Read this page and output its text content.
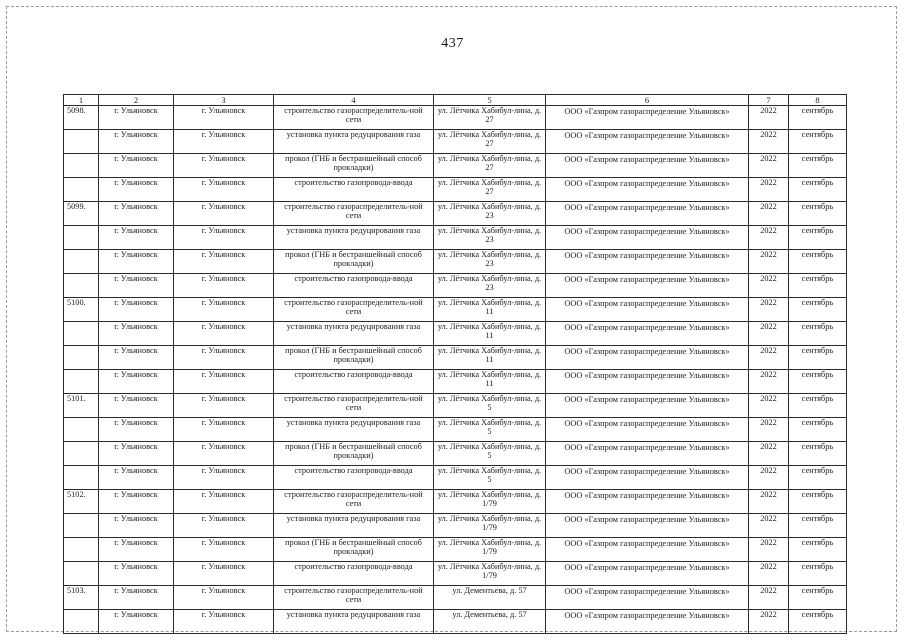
437
1	2	3	4	5	6	7	8
5098.	г. Ульяновск	г. Ульяновск	строительство газораспределитель-ной сети	ул. Лётчика Хабибул-лина, д. 27	ООО «Газпром газораспределение Ульяновск»	2022	сентябрь
	г. Ульяновск	г. Ульяновск	установка пункта редуцирования газа	ул. Лётчика Хабибул-лина, д. 27	ООО «Газпром газораспределение Ульяновск»	2022	сентябрь
	г. Ульяновск	г. Ульяновск	прокол (ГНБ и бестраншейный способ прокладки)	ул. Лётчика Хабибул-лина, д. 27	ООО «Газпром газораспределение Ульяновск»	2022	сентябрь
	г. Ульяновск	г. Ульяновск	строительство газопровода-ввода	ул. Лётчика Хабибул-лина, д. 27	ООО «Газпром газораспределение Ульяновск»	2022	сентябрь
5099.	г. Ульяновск	г. Ульяновск	строительство газораспределитель-ной сети	ул. Лётчика Хабибул-лина, д. 23	ООО «Газпром газораспределение Ульяновск»	2022	сентябрь
	г. Ульяновск	г. Ульяновск	установка пункта редуцирования газа	ул. Лётчика Хабибул-лина, д. 23	ООО «Газпром газораспределение Ульяновск»	2022	сентябрь
	г. Ульяновск	г. Ульяновск	прокол (ГНБ и бестраншейный способ прокладки)	ул. Лётчика Хабибул-лина, д. 23	ООО «Газпром газораспределение Ульяновск»	2022	сентябрь
	г. Ульяновск	г. Ульяновск	строительство газопровода-ввода	ул. Лётчика Хабибул-лина, д. 23	ООО «Газпром газораспределение Ульяновск»	2022	сентябрь
5100.	г. Ульяновск	г. Ульяновск	строительство газораспределитель-ной сети	ул. Лётчика Хабибул-лина, д. 11	ООО «Газпром газораспределение Ульяновск»	2022	сентябрь
	г. Ульяновск	г. Ульяновск	установка пункта редуцирования газа	ул. Лётчика Хабибул-лина, д. 11	ООО «Газпром газораспределение Ульяновск»	2022	сентябрь
	г. Ульяновск	г. Ульяновск	прокол (ГНБ и бестраншейный способ прокладки)	ул. Лётчика Хабибул-лина, д. 11	ООО «Газпром газораспределение Ульяновск»	2022	сентябрь
	г. Ульяновск	г. Ульяновск	строительство газопровода-ввода	ул. Лётчика Хабибул-лина, д. 11	ООО «Газпром газораспределение Ульяновск»	2022	сентябрь
5101.	г. Ульяновск	г. Ульяновск	строительство газораспределитель-ной сети	ул. Лётчика Хабибул-лина, д. 5	ООО «Газпром газораспределение Ульяновск»	2022	сентябрь
	г. Ульяновск	г. Ульяновск	установка пункта редуцирования газа	ул. Лётчика Хабибул-лина, д. 5	ООО «Газпром газораспределение Ульяновск»	2022	сентябрь
	г. Ульяновск	г. Ульяновск	прокол (ГНБ и бестраншейный способ прокладки)	ул. Лётчика Хабибул-лина, д. 5	ООО «Газпром газораспределение Ульяновск»	2022	сентябрь
	г. Ульяновск	г. Ульяновск	строительство газопровода-ввода	ул. Лётчика Хабибул-лина, д. 5	ООО «Газпром газораспределение Ульяновск»	2022	сентябрь
5102.	г. Ульяновск	г. Ульяновск	строительство газораспределитель-ной сети	ул. Лётчика Хабибул-лина, д. 1/79	ООО «Газпром газораспределение Ульяновск»	2022	сентябрь
	г. Ульяновск	г. Ульяновск	установка пункта редуцирования газа	ул. Лётчика Хабибул-лина, д. 1/79	ООО «Газпром газораспределение Ульяновск»	2022	сентябрь
	г. Ульяновск	г. Ульяновск	прокол (ГНБ и бестраншейный способ прокладки)	ул. Лётчика Хабибул-лина, д. 1/79	ООО «Газпром газораспределение Ульяновск»	2022	сентябрь
	г. Ульяновск	г. Ульяновск	строительство газопровода-ввода	ул. Лётчика Хабибул-лина, д. 1/79	ООО «Газпром газораспределение Ульяновск»	2022	сентябрь
5103.	г. Ульяновск	г. Ульяновск	строительство газораспределитель-ной сети	ул. Дементьева, д. 57	ООО «Газпром газораспределение Ульяновск»	2022	сентябрь
	г. Ульяновск	г. Ульяновск	установка пункта редуцирования газа	ул. Дементьева, д. 57	ООО «Газпром газораспределение Ульяновск»	2022	сентябрь
